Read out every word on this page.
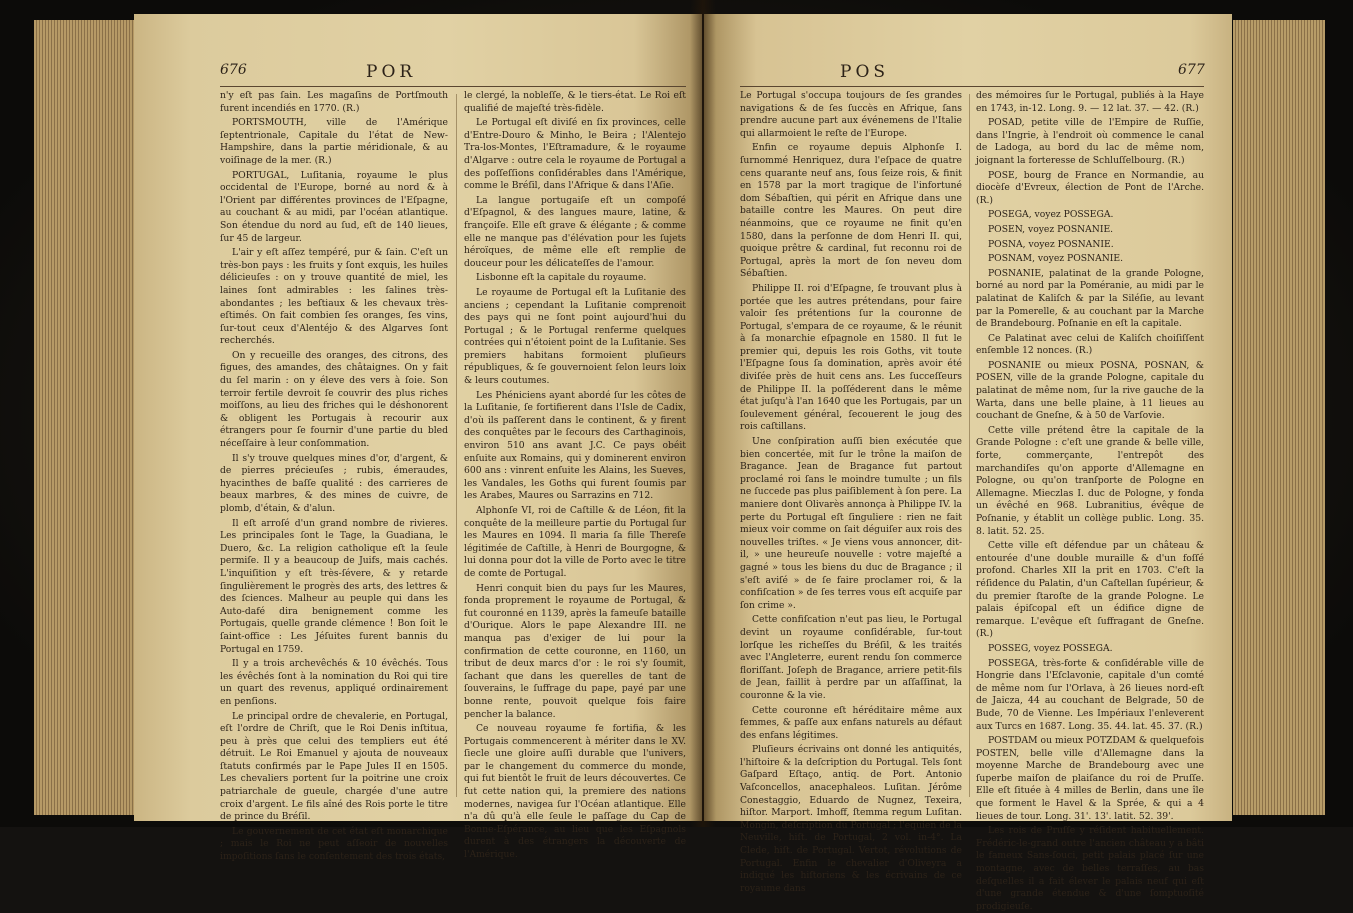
676	POR

n'y eſt pas ſain. Les magaſins de Portſmouth furent incendiés en 1770. (R.)

PORTSMOUTH, ville de l'Amérique ſeptentrionale, Capitale du l'état de New-Hampshire, dans la partie méridionale, & au voiſinage de la mer. (R.)

PORTUGAL, Luſitania, royaume le plus occidental de l'Europe, borné au nord & à l'Orient par différentes provinces de l'Eſpagne, au couchant & au midi, par l'océan atlantique. Son étendue du nord au ſud, eſt de 140 lieues, ſur 45 de largeur.

L'air y eſt aſſez tempéré, pur & ſain. C'eſt un très-bon pays : les fruits y ſont exquis, les huiles délicieuſes : on y trouve quantité de miel, les laines ſont admirables : les ſalines très-abondantes ; les beſtiaux & les chevaux très-eſtimés. On fait combien ſes oranges, ſes vins, ſur-tout ceux d'Alentéjo & des Algarves ſont recherchés.

On y recueille des oranges, des citrons, des figues, des amandes, des châtaignes. On y fait du ſel marin : on y éleve des vers à ſoie. Son terroir fertile devroit ſe couvrir des plus riches moiſſons, au lieu des friches qui le déshonorent & obligent les Portugais à recourir aux étrangers pour ſe fournir d'une partie du bled néceſſaire à leur conſommation.

Il s'y trouve quelques mines d'or, d'argent, & de pierres précieuſes ; rubis, émeraudes, hyacinthes de baſſe qualité : des carrieres de beaux marbres, & des mines de cuivre, de plomb, d'étain, & d'alun.

Il eſt arroſé d'un grand nombre de rivieres. Les principales ſont le Tage, la Guadiana, le Duero, &c. La religion catholique eſt la ſeule permiſe. Il y a beaucoup de Juifs, mais cachés. L'inquiſition y eſt très-ſévere, & y retarde ſingulièrement le progrès des arts, des lettres & des ſciences. Malheur au peuple qui dans les Auto-dafé dira benignement comme les Portugais, quelle grande clémence ! Bon ſoit le ſaint-office : Les Jéſuites furent bannis du Portugal en 1759.

Il y a trois archevêchés & 10 évêchés. Tous les évêchés ſont à la nomination du Roi qui tire un quart des revenus, appliqué ordinairement en penſions.

Le principal ordre de chevalerie, en Portugal, eſt l'ordre de Chriſt, que le Roi Denis inſtitua, peu à près que celui des templiers eut été détruit. Le Roi Emanuel y ajouta de nouveaux ſtatuts confirmés par le Pape Jules II en 1505. Les chevaliers portent ſur la poitrine une croix patriarchale de gueule, chargée d'une autre croix d'argent. Le fils aîné des Rois porte le titre de prince du Bréſil.

Le gouvernement de cet état eſt monarchique ; mais le Roi ne peut aſſeoir de nouvelles impoſitions ſans le conſentement des trois états,

le clergé, la nobleſſe, & le tiers-état. Le Roi eſt qualifié de majeſté très-fidèle.

Le Portugal eſt diviſé en ſix provinces, celle d'Entre-Douro & Minho, le Beira ; l'Alentejo Tra-los-Montes, l'Eſtramadure, & le royaume d'Algarve : outre cela le royaume de Portugal a des poſſeſſions conſidérables dans l'Amérique, comme le Bréſil, dans l'Afrique & dans l'Aſie.

La langue portugaiſe eſt un compoſé d'Eſpagnol, & des langues maure, latine, & françoiſe. Elle eſt grave & élégante ; & comme elle ne manque pas d'élévation pour les ſujets héroïques, de même elle eſt remplie de douceur pour les délicateſſes de l'amour.

Lisbonne eſt la capitale du royaume.

Le royaume de Portugal eſt la Luſitanie des anciens ; cependant la Luſitanie comprenoit des pays qui ne ſont point aujourd'hui du Portugal ; & le Portugal renferme quelques contrées qui n'étoient point de la Luſitanie. Ses premiers habitans formoient pluſieurs républiques, & ſe gouvernoient ſelon leurs loix & leurs coutumes.

Les Phéniciens ayant abordé ſur les côtes de la Luſitanie, ſe fortifierent dans l'Isle de Cadix, d'où ils paſſerent dans le continent, & y firent des conquêtes par le ſecours des Carthaginois, environ 510 ans avant J.C. Ce pays obéit enſuite aux Romains, qui y dominerent environ 600 ans : vinrent enſuite les Alains, les Sueves, les Vandales, les Goths qui furent ſoumis par les Arabes, Maures ou Sarrazins en 712.

Alphonſe VI, roi de Caſtille & de Léon, fit la conquête de la meilleure partie du Portugal ſur les Maures en 1094. Il maria ſa fille Thereſe légitimée de Caſtille, à Henri de Bourgogne, & lui donna pour dot la ville de Porto avec le titre de comte de Portugal.

Henri conquit bien du pays ſur les Maures, fonda proprement le royaume de Portugal, & fut couronné en 1139, après la fameuſe bataille d'Ourique. Alors le pape Alexandre III. ne manqua pas d'exiger de lui pour la confirmation de cette couronne, en 1160, un tribut de deux marcs d'or : le roi s'y ſoumit, ſachant que dans les querelles de tant de ſouverains, le ſuffrage du pape, payé par une bonne rente, pouvoit quelque fois faire pencher la balance.

Ce nouveau royaume fe fortifia, & les Portugais commencerent à mériter dans le XV. ſiecle une gloire auſſi durable que l'univers, par le changement du commerce du monde, qui fut bientôt le fruit de leurs découvertes. Ce fut cette nation qui, la premiere des nations modernes, navigea ſur l'Océan atlantique. Elle n'a dû qu'à elle ſeule le paſſage du Cap de Bonne-Eſpérance, au lieu que les Eſpagnols durent à des étrangers la découverte de l'Amérique.

POS	677

Le Portugal s'occupa toujours de ſes grandes navigations & de ſes ſuccès en Afrique, ſans prendre aucune part aux événemens de l'Italie qui allarmoient le reſte de l'Europe.

Enfin ce royaume depuis Alphonſe I. ſurnommé Henriquez, dura l'eſpace de quatre cens quarante neuf ans, ſous ſeize rois, & finit en 1578 par la mort tragique de l'infortuné dom Sébaſtien, qui périt en Afrique dans une bataille contre les Maures. On peut dire néanmoins, que ce royaume ne finit qu'en 1580, dans la perſonne de dom Henri II. qui, quoique prêtre & cardinal, fut reconnu roi de Portugal, après la mort de ſon neveu dom Sébaſtien.

Philippe II. roi d'Eſpagne, ſe trouvant plus à portée que les autres prétendans, pour faire valoir ſes prétentions ſur la couronne de Portugal, s'empara de ce royaume, & le réunit à ſa monarchie eſpagnole en 1580. Il fut le premier qui, depuis les rois Goths, vit toute l'Eſpagne ſous ſa domination, après avoir été diviſée près de huit cens ans. Les ſucceſſeurs de Philippe II. la poſſéderent dans le même état juſqu'à l'an 1640 que les Portugais, par un ſoulevement général, ſecouerent le joug des rois caſtillans.

Une conſpiration auſſi bien exécutée que bien concertée, mit ſur le trône la maiſon de Bragance. Jean de Bragance fut partout proclamé roi ſans le moindre tumulte ; un fils ne ſuccede pas plus paiſiblement à ſon pere. La maniere dont Olivarès annonça à Philippe IV. la perte du Portugal eſt ſinguliere : rien ne fait mieux voir comme on ſait déguiſer aux rois des nouvelles triſtes. « Je viens vous annoncer, dit-il, » une heureuſe nouvelle : votre majeſté a gagné » tous les biens du duc de Bragance ; il s'eſt aviſé » de ſe faire proclamer roi, & la confiſcation » de ſes terres vous eſt acquiſe par ſon crime ».

Cette confiſcation n'eut pas lieu, le Portugal devint un royaume conſidérable, ſur-tout lorſque les richeſſes du Bréſil, & les traités avec l'Angleterre, eurent rendu ſon commerce floriſſant. Joſeph de Bragance, arriere petit-fils de Jean, faillit à perdre par un aſſaſſinat, la couronne & la vie.

Cette couronne eſt héréditaire même aux femmes, & paſſe aux enfans naturels au défaut des enfans légitimes.

Pluſieurs écrivains ont donné les antiquités, l'hiſtoire & la deſcription du Portugal. Tels ſont Gaſpard Eſtaço, antiq. de Port. Antonio Vaſconcellos, anacephaleos. Luſitan. Jérôme Conestaggio, Eduardo de Nugnez, Texeira, hiſtor. Marport. Imhoff, ſtemma regum Luſitan. Mongin, deſcription du Portugal ; l'equien de la Neuville, hiſt. de Portugal, 2 vol. in-4°. La Clede, hiſt. de Portugal. Vertot, révolutions de Portugal. Enfin le chevalier d'Oliveyra a indiqué les hiſtoriens & les écrivains de ce royaume dans

des mémoires ſur le Portugal, publiés à la Haye en 1743, in-12. Long. 9. — 12 lat. 37. — 42. (R.)

POSAD, petite ville de l'Empire de Ruſſie, dans l'Ingrie, à l'endroit où commence le canal de Ladoga, au bord du lac de même nom, joignant la forteresse de Schluſſelbourg. (R.)

POSE, bourg de France en Normandie, au diocèſe d'Evreux, élection de Pont de l'Arche. (R.)

POSEGA, voyez POSSEGA.

POSEN, voyez POSNANIE.

POSNA, voyez POSNANIE.

POSNAM, voyez POSNANIE.

POSNANIE, palatinat de la grande Pologne, borné au nord par la Poméranie, au midi par le palatinat de Kaliſch & par la Siléſie, au levant par la Pomerelle, & au couchant par la Marche de Brandebourg. Poſnanie en eſt la capitale.

Ce Palatinat avec celui de Kaliſch choiſiſſent enſemble 12 nonces. (R.)

POSNANIE ou mieux POSNA, POSNAN, & POSEN, ville de la grande Pologne, capitale du palatinat de même nom, ſur la rive gauche de la Warta, dans une belle plaine, à 11 lieues au couchant de Gneſne, & à 50 de Varſovie.

Cette ville prétend être la capitale de la Grande Pologne : c'eſt une grande & belle ville, forte, commerçante, l'entrepôt des marchandiſes qu'on apporte d'Allemagne en Pologne, ou qu'on tranſporte de Pologne en Allemagne. Mieczlas I. duc de Pologne, y fonda un évêché en 968. Lubranitius, évêque de Poſnanie, y établit un collège public. Long. 35. 8. latit. 52. 25.

Cette ville eſt défendue par un château & entourée d'une double muraille & d'un foſſé profond. Charles XII la prit en 1703. C'eſt la réſidence du Palatin, d'un Caſtellan ſupérieur, & du premier ſtaroſte de la grande Pologne. Le palais épiſcopal eſt un édifice digne de remarque. L'evêque eſt ſuffragant de Gneſne. (R.)

POSSEG, voyez POSSEGA.

POSSEGA, très-forte & conſidérable ville de Hongrie dans l'Eſclavonie, capitale d'un comté de même nom ſur l'Orlava, à 26 lieues nord-eſt de Jaicza, 44 au couchant de Belgrade, 50 de Bude, 70 de Vienne. Les Impériaux l'enleverent aux Turcs en 1687. Long. 35. 44. lat. 45. 37. (R.)

POSTDAM ou mieux POTZDAM & quelquefois POSTEN, belle ville d'Allemagne dans la moyenne Marche de Brandebourg avec une ſuperbe maiſon de plaiſance du roi de Pruſſe. Elle eſt ſituée à 4 milles de Berlin, dans une île que forment le Havel & la Sprée, & qui a 4 lieues de tour. Long. 31'. 13'. latit. 52. 39'.

Les rois de Pruſſe y réſident habituellement. Frédéric-le-grand outre l'ancien château y a bâti le fameux Sans-ſouci, petit palais placé ſur une montagne, avec de belles terraſſes, au bas deſquelles il a fait élever le palais neuf qui eſt d'une grande étendue & d'une ſomptuoſité prodigieuſe.
